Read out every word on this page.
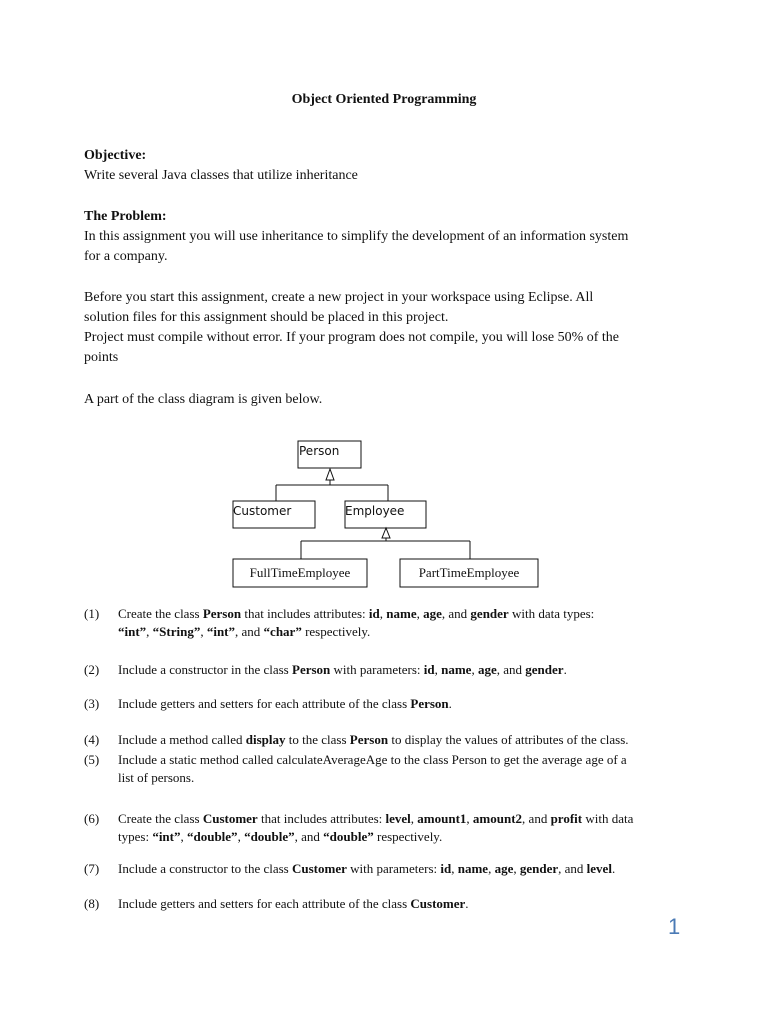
Object Oriented Programming
Objective:
Write several Java classes that utilize inheritance
The Problem:
In this assignment you will use inheritance to simplify the development of an information system
for a company.
Before you start this assignment, create a new project in your workspace using Eclipse. All
solution files for this assignment should be placed in this project.
Project must compile without error. If your program does not compile, you will lose 50% of the
points
A part of the class diagram is given below.
Person
Customer	Employee
FullTimeEmployee	PartTimeEmployee
(1)	Create the class Person that includes attributes: id, name, age, and gender with data types:
“int”, “String”, “int”, and “char” respectively.
(2)	Include a constructor in the class Person with parameters: id, name, age, and gender.
(3)	Include getters and setters for each attribute of the class Person.
(4)	Include a method called display to the class Person to display the values of attributes of the class.
(5)	Include a static method called calculateAverageAge to the class Person to get the average age of a
list of persons.
(6)	Create the class Customer that includes attributes: level, amount1, amount2, and profit with data
types: “int”, “double”, “double”, and “double” respectively.
(7)	Include a constructor to the class Customer with parameters: id, name, age, gender, and level.
(8)	Include getters and setters for each attribute of the class Customer.
1
